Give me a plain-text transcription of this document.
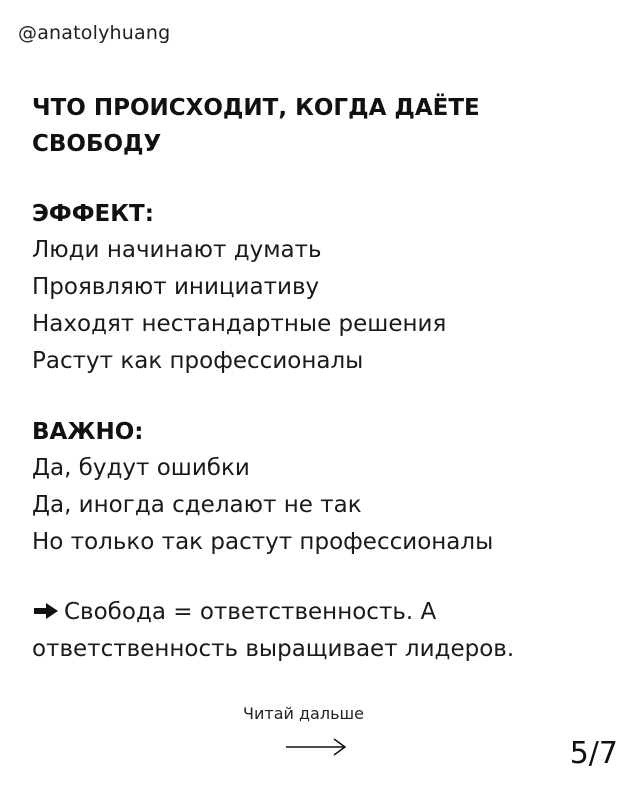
@anatolyhuang
ЧТО ПРОИСХОДИТ, КОГДА ДАЁТЕ СВОБОДУ

ЭФФЕКТ:

Люди начинают думать

Проявляют инициативу

Находят нестандартные решения

Растут как профессионалы

ВАЖНО:

Да, будут ошибки

Да, иногда сделают не так

Но только так растут профессионалы

Свобода = ответственность. А ответственность выращивает лидеров.
Читай дальше
5/7
